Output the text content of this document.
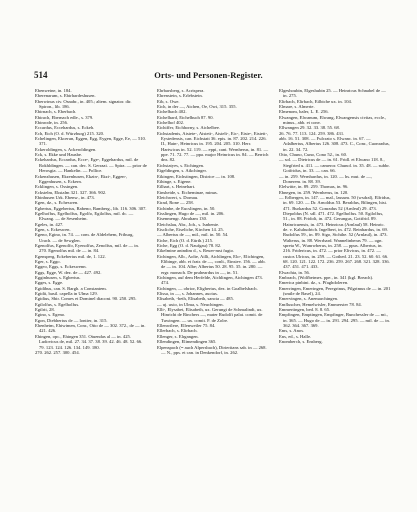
514	Orts- und Personen-Register.

Ebenweine, in. 184.

Eberenarum, s. Ebirhardeshusen.

Eberwinus civ. Osnabr., in. 405.; altem. signator. dir. Spiron., lib. 186.

Ebirnach, s. Eberbach.

Ebirach, Ebernach edle., s. 379.

Ebinrode, in. 256.

Eccardus, Eccehardus, s. Eckeh.

Ech, Eich (O. d. Würzburg) 215. 320.

Echelingen, Ekcerun, Eggen, Egg, Eygen, Egge, Ee, — 510. 371.

Eckeroldingen, s. Ackeroldingen.

Eck, s. Ekke und Hausbe.

Eckehardus, Eccardus, Ecce-, Ege-, Eggehardus, mil. de Rokhldingen. — can. dec. S. Gerraai. — Spira. — prior de Herosgia. — Hankelin. — Pollice.

Eckenzhusen, Ekzenhusen, Ekzin-, Ekzi-, Eggen-, Eggenhusen, s. Eckern.

Ecklingen, s. Ossingen.

Eckstelm, Ekstalm 321. 327. 366. 902.

Ebinhusen Urk. Ebenw., in. 473.

Egen, dz., s. Echeswen.

Egbertus, Eggebertus, Rabeno, Bamberg., lib. 116. 306. 307.

Egelhoffus, Egelholfus, Egolfo, Egilolfus, mil. dc. — Elwang. — de Sesenheim.

Egeles, in. 427.

Egen, s. Eckeswen.

Egeno, Egino, in. 74. — com. de Aldelehem, Friburg, Urach. — de Sewglen.

Egenolfus, Egenolfo, Eyenolfus, Zenolfus, mil. de — in. 270. Egenolfus mil. de — in. 84.

Egensperg, Eckebertus mil. de, 1. 122.

Eger, s. Eggo.

Eggeo, Eggs, s. Eckeswenn.

Eggs, Egge, W. dez. de — 427. 492.

Egginhusen, s. Egbertus.

Egges, s. Egge.

Egidibus, can. S. Bargh. a Constantem.

Egidii, basil. capella in Ulma 129.

Egidius, Sbir. Comes et Dominel diaconi. 90. 250. 295.

Egilolfus, s. Egelholfus.

Egilrit, 28.

Egino, s. Egeno.

Egon, Diebhertus de — lontier, in. 315.

Ehenheim, Ehiwimen, Conr., Otto de — 302. 372., de — in. 421. 426.

Ehingen, opc., Ehingen 351. Otuendas al — in. 425. Ludovicus de, mil. 27. 34. 37. 38. 39. 42. 46. 48. 52. 66. 79. 123. 124. 126. 134. 149. 180.

270. 262. 257. 300. 454.

Ehrbarsberg, s. Acrispera.

Ehrenstein, s. Erlebstein.

Eib, s. Owe.

Eich, in der —, Aichen, Oe, Owi, 315. 355.

Eichelbach 402.

Eichelhard, Eichelbuch 87. 90.

Eichelhof 402.

Eichiffer, Eichhorny, s. Aichelbee.

Eichstadenis, Aistete-, Aistett-, Aistelt-, Eic-, Eiste-, Eistett-, Eystedensis, can. Eichstatt 36. epis. in. 87. 202. 214. 226. II., Hain-, Heinricus in. 195. 204. 205. 310. Herr. Hartwicus in. 52. 119. — eppi, cant. Wernherus, in. 81. — ppe. 71. 72. 77. — ppa. major Heinricus in. 84. — Berrich dns. 82.

Eichstatyes, s. Eichingen.

Eigeldingen, s. Aikchinger.

Eikingen, Eichstingen, Districe — in. 108.

Eihinge, s. Eigene.

Eilhart, s. Heinehart.

Einsheide, s. Eicheminae, minus.

Eleichwert, s. Dornau.

Eirad, Rone — 258.

Eichinbe, de Eucslingen, in. 50.

Eisslingen, Hugo de —, mil. in. 206.

Eisenmengr. Abraham 130.

Eleichslau, Abr., Joh., s. Isnbenie.

Eiscliche, Eiseliche, Kirchen 14. 25.

— Albertus de —, mil., mil. in. 50. 54.

Eiche, Eich (O. d. Eürth.) 215.

Eiche, Egg (O. d. Naufgau) 78. 82.

Eikelmine anindim d., s. Reuer-mst fugto.

Eichingen, Alb., Aolte, Ailli, Aichlingen, Elo-, Elichingen, Elibinge, abb. et fratr. de —, conlt., Einsiev. 156. — abb. de — in. 104. Albe; Albertus 50. 28. 95. 35. in. 280. — ergr. monach. De pruheardus in —, in. 51.

Eichingen, auf dem Herfelde, Aichlingen, Aichingen 473. 474.

Eichingen, — obrior, Elighertus, dez. in Goalbelsbach.

Elissa, in —, s. Johannes, auctus.

Elisabeth, -beth, Elisabeth, sancta — 485.

— uj. uxio, in Ulma, s. Neuchingen.

Elli-, Elysabet, Elisabeth, ux. Gerungi de Schmalindt, ux. Hinricht de Rinchers —, mater Rudolfi palat. comit. de Tuwingen. — ux. comit. F. de Zolre.

Ellenwilere, Ellenweiler 75. 84.

Ellerbach, s. Elirbach.

Ellenger, s. Elrgangen.

Ellendingen, Elimendingen 365.

Elpenspach (= auch Alpersbach), Dirieritans sab. in — 268. — N., pps. et can. in Denkendorf, in. 262.

Elgeshoubin, Elgeshubin 25. — Heinricus Schnabel de — in. 275.

Elirbach, Elirbach, Eilbiche ux. in. 104.

Elmare, s. Almerie.

Elmenom, baler, L. E. 256.

Elwangen, Elwanum, Elwang, Elwangensis civitas, eccle., minus., abb. et conv.

Ellwangen 29. 32. 33. 38. 55. 68.

26. 76. 77. 113. 124. 259. 386. 431.

abb. 16. 51. 308. — Fulcrato s. Elwanc. in. 67. — Adalbertus, Albertus 126. 308. 473. C., Conr., Cuonradus, in. 22. 34. 72.

Otto, Chuno, Cuno, Cono 52., in. 60.

— sol. — Dietricus de — in. 61. Fridl. et Elwano 118. 8., Siegfried u. 411. — cameror. Chunol. in. 35. 48. — subbr. Gotfridus, in. 33. — can. 66.

— in. 259. Wernhardus, in. 120. — hs. mut. de —, Donerem. in. 88. 39.

Elelwitte, in. 89. 259. Thomas, in. 96.

Ebnegen, in. 259. Wernherus, in. 120.

— Erlbergen, in. 147. — mal., lassum. 50 (wsdral), Elfridus, in. 69. 120. — Dr. Arnoldus 53. Beraldus, Bilingen, hist. 471. Burkardus 52. Conradus 52 (Arnleal) 29. 473. Diepoldus (N. sdl. 471. 472. Egelholfus. 50. Egilolfus, 51., in. 88. Fridolt, in. 472. Gerungus, Gottfrid. 89. Hainricuensis, in. 473. Heinricus (Arnlaul) 58. Heinric. de. v. Kaluhudrich. Ingelbert, in. 472. Reinhardus, in. 69. Rudolfus 59., in. 89. Sigo, Sichthe. 52 (Arnlaul), in. 473. Walterus, in. 88. Werrhard. Wannelinberas 79. — ogn. spreta W., Wunrwberus, in. 258. — ppus. Albertus, in. 216. Fridericus, in. 472. — prior Elivicus, in. 472. — custos Ulricus, in. 259. — Gothed. 21. 23. 52. 60. 61. 66. 68. 120. 121. 122. 172. 236. 259. 267. 268. 321. 328. 336. 437. 451. 471. 433.

Elwachia, in. 56.

Embrach, (Wolfbeimes. ppe., in. 341 (kgl. Breach).

Emerica pinbini. dz., s. Pfaghdoleren.

Emerringen, Emeringen, Peregrinus, Pilgrimus de — in. 201 (smile de Basel), 24.

Emervingen, s. Anemarchingen.

Emfluscher, Hemelwisler, Emmerster 78. 84.

Emmertingen, bed. 8. 8. 65.

Empfingen, Emptingen, Empfinger, Bunchessler de — mi., in. 365. — Hugo de — in. 291. 294. 295. — mil. de — in. 362. 364. 367. 369.

Ems, s. Anos.

Ens, ed., s. Halle.

Enomberch, s. Ensberg.
